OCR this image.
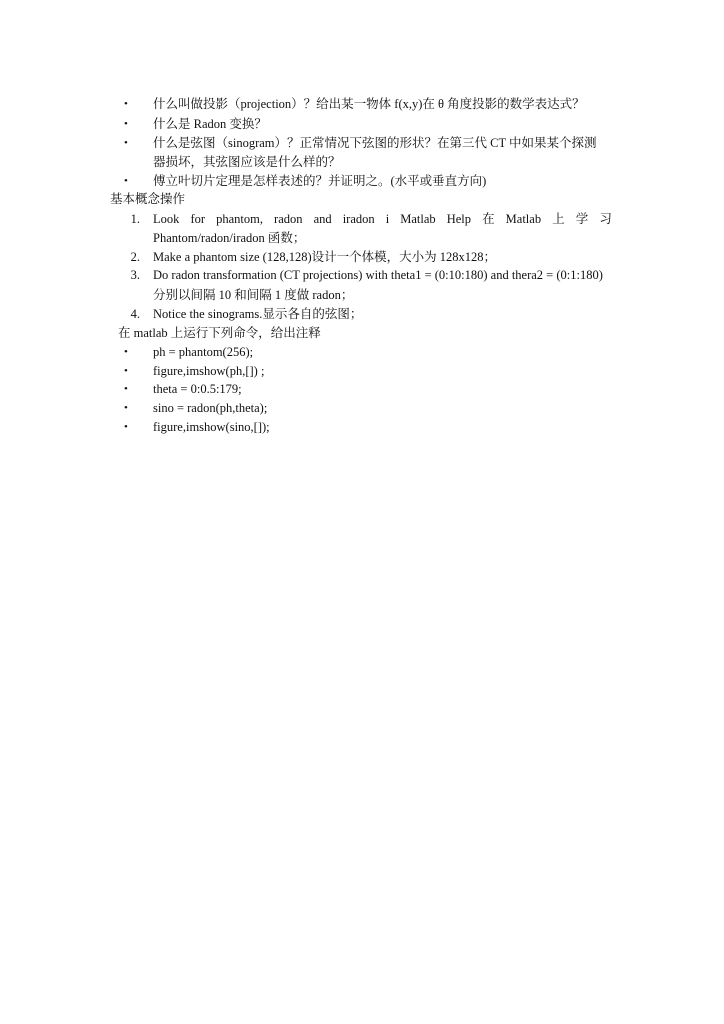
•	什么叫做投影（projection）？给出某一物体 f(x,y)在 θ 角度投影的数学表达式？
•	什么是 Radon 变换？
•	什么是弦图（sinogram）？正常情况下弦图的形状？在第三代 CT 中如果某个探测
器损坏，其弦图应该是什么样的？
•	傅立叶切片定理是怎样表述的？并证明之。(水平或垂直方向)
基本概念操作
1. Look for phantom, radon and iradon i Matlab Help 在 Matlab 上 学 习
Phantom/radon/iradon 函数；
2. Make a phantom size (128,128)设计一个体模，大小为 128x128；
3. Do radon transformation (CT projections) with theta1 = (0:10:180) and thera2 = (0:1:180)
分别以间隔 10 和间隔 1 度做 radon；
4. Notice the sinograms.显示各自的弦图；
在 matlab 上运行下列命令，给出注释
•	ph = phantom(256);
•	figure,imshow(ph,[]) ;
•	theta = 0:0.5:179;
•	sino = radon(ph,theta);
•	figure,imshow(sino,[]);
